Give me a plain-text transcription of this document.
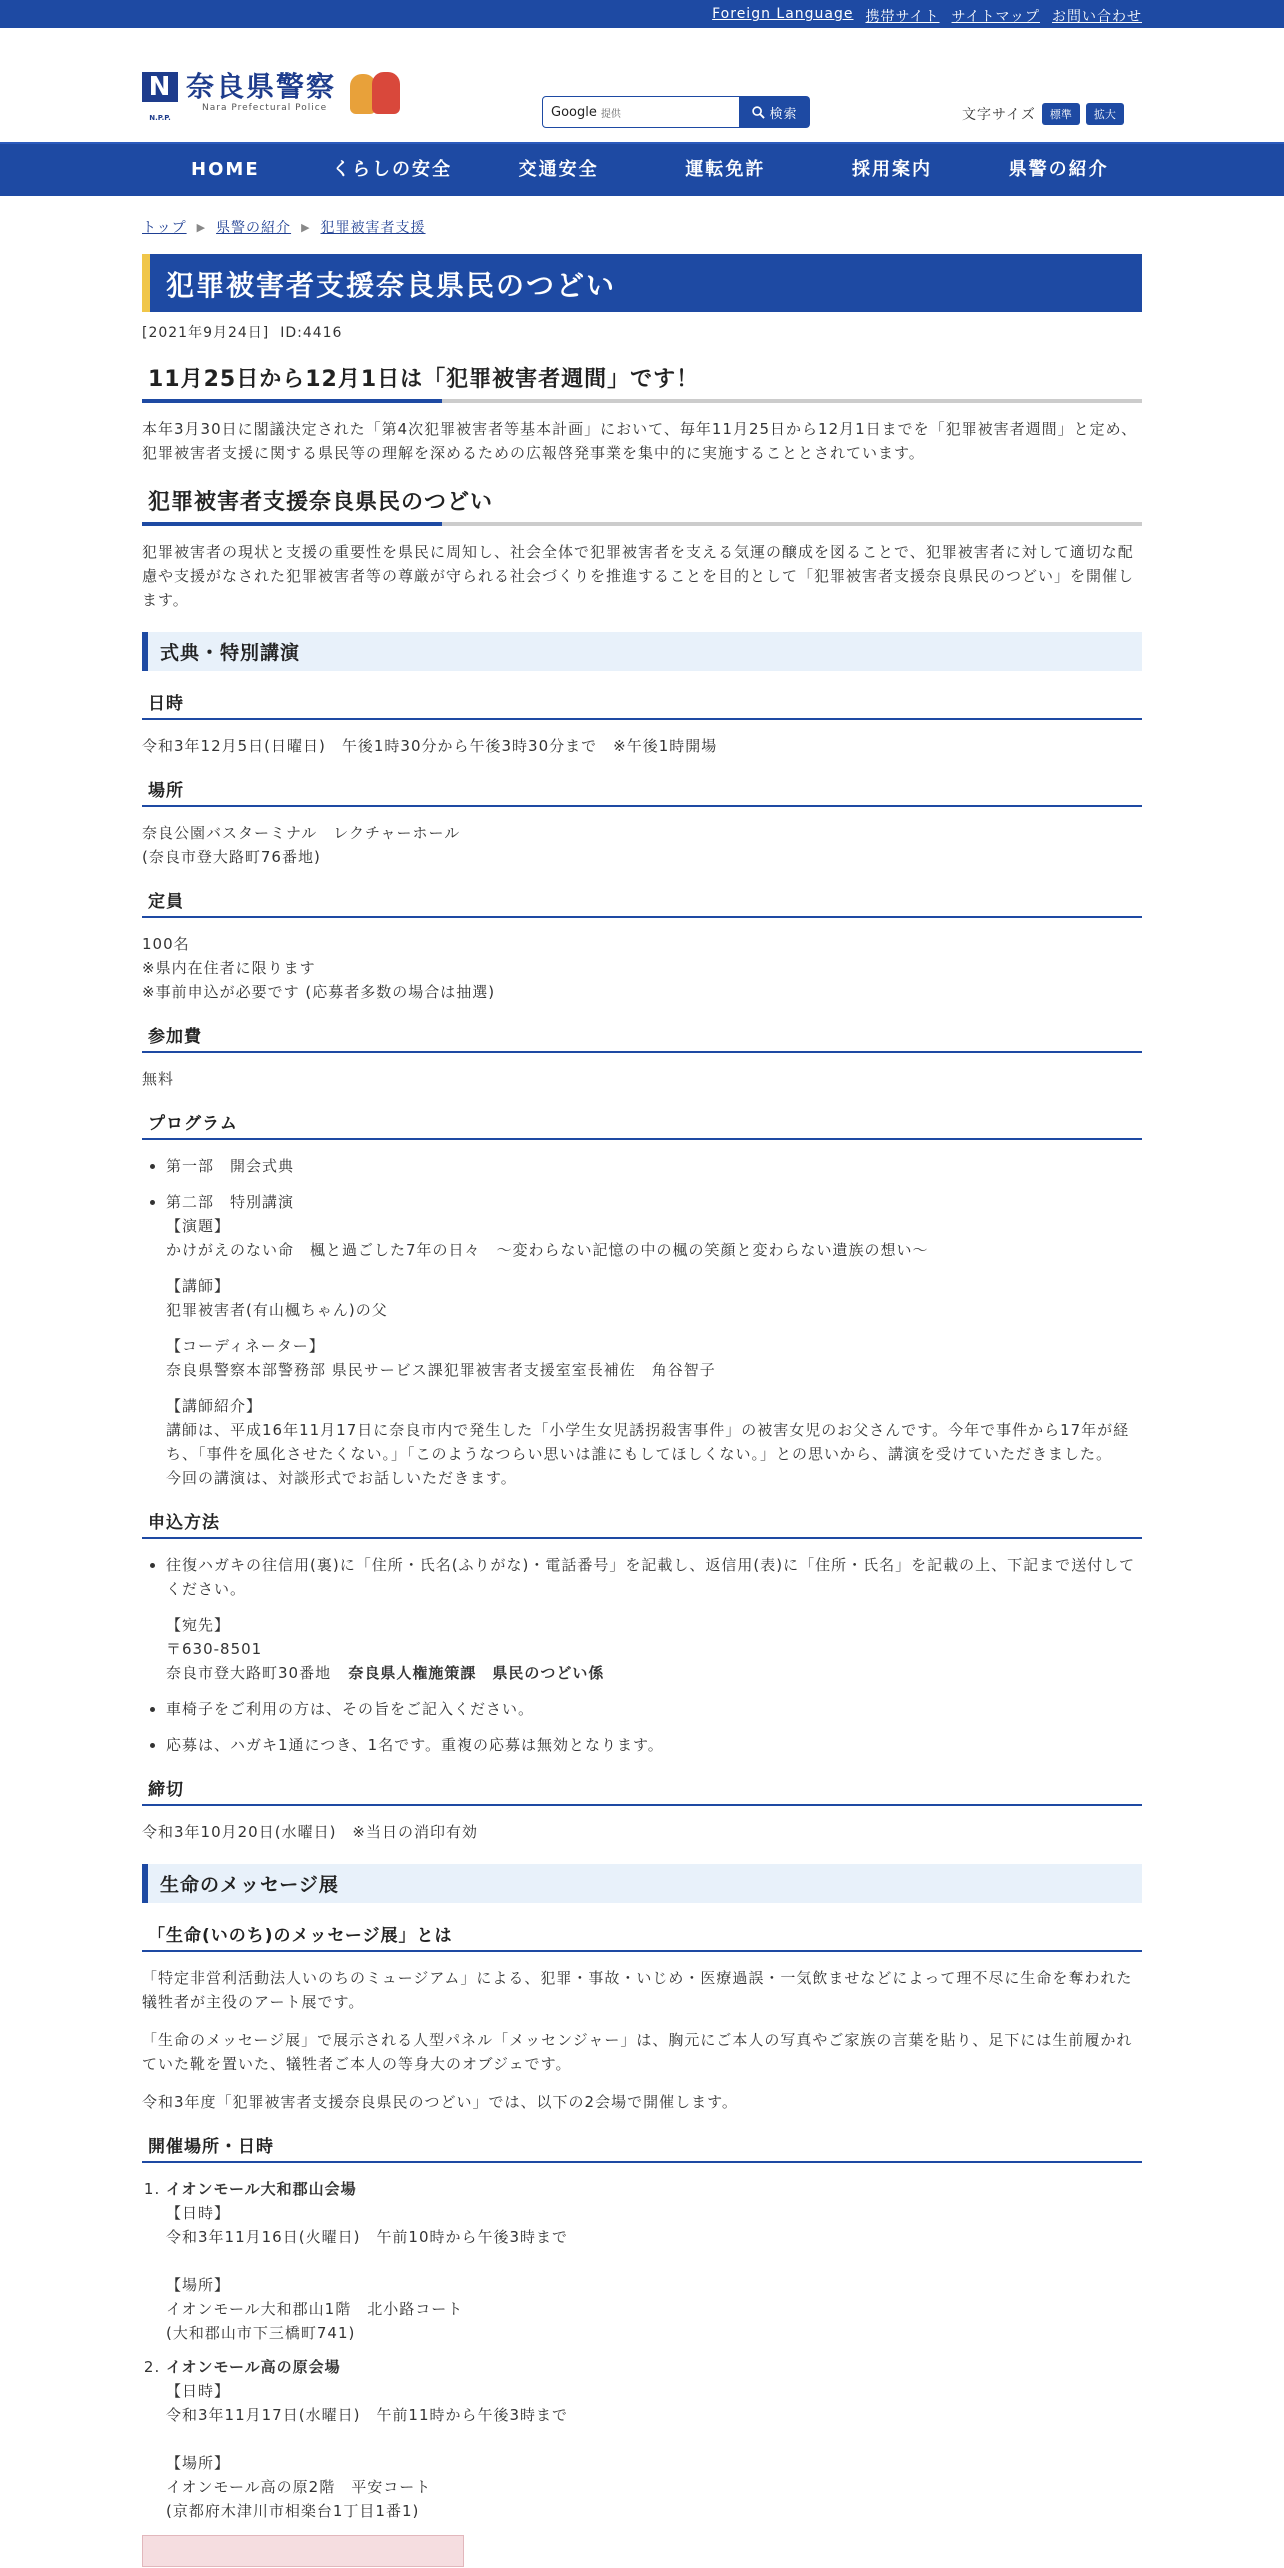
Foreign Language 携帯サイト サイトマップ お問い合わせ
N
N.P.P.
奈良県警察
Nara Prefectural Police	Google 提供	検索	文字サイズ	標準	拡大
HOME	くらしの安全	交通安全	運転免許	採用案内	県警の紹介
トップ ▶ 県警の紹介 ▶ 犯罪被害者支援
犯罪被害者支援奈良県民のつどい
[2021年9月24日] ID:4416
11月25日から12月1日は「犯罪被害者週間」です！

本年3月30日に閣議決定された「第4次犯罪被害者等基本計画」において、毎年11月25日から12月1日までを「犯罪被害者週間」と定め、犯罪被害者支援に関する県民等の理解を深めるための広報啓発事業を集中的に実施することとされています。

犯罪被害者支援奈良県民のつどい

犯罪被害者の現状と支援の重要性を県民に周知し、社会全体で犯罪被害者を支える気運の醸成を図ることで、犯罪被害者に対して適切な配慮や支援がなされた犯罪被害者等の尊厳が守られる社会づくりを推進することを目的として「犯罪被害者支援奈良県民のつどい」を開催します。

式典・特別講演
日時

令和3年12月5日(日曜日)　午後1時30分から午後3時30分まで　※午後1時開場

場所

奈良公園バスターミナル　レクチャーホール
(奈良市登大路町76番地)

定員

100名
※県内在住者に限ります
※事前申込が必要です (応募者多数の場合は抽選)

参加費

無料

プログラム
• 第一部　開会式典
• 第二部　特別講演
【演題】
かけがえのない命　楓と過ごした7年の日々　～変わらない記憶の中の楓の笑顔と変わらない遺族の想い～
【講師】
犯罪被害者(有山楓ちゃん)の父
【コーディネーター】
奈良県警察本部警務部 県民サービス課犯罪被害者支援室室長補佐　角谷智子
【講師紹介】
講師は、平成16年11月17日に奈良市内で発生した「小学生女児誘拐殺害事件」の被害女児のお父さんです。今年で事件から17年が経ち、「事件を風化させたくない。」「このようなつらい思いは誰にもしてほしくない。」との思いから、講演を受けていただきました。
今回の講演は、対談形式でお話しいただきます。
申込方法
• 往復ハガキの往信用(裏)に「住所・氏名(ふりがな)・電話番号」を記載し、返信用(表)に「住所・氏名」を記載の上、下記まで送付してください。
【宛先】
〒630-8501
奈良市登大路町30番地 奈良県人権施策課　県民のつどい係
• 車椅子をご利用の方は、その旨をご記入ください。
• 応募は、ハガキ1通につき、1名です。重複の応募は無効となります。
締切

令和3年10月20日(水曜日)　※当日の消印有効

生命のメッセージ展
「生命(いのち)のメッセージ展」とは

「特定非営利活動法人いのちのミュージアム」による、犯罪・事故・いじめ・医療過誤・一気飲ませなどによって理不尽に生命を奪われた犠牲者が主役のアート展です。

「生命のメッセージ展」で展示される人型パネル「メッセンジャー」は、胸元にご本人の写真やご家族の言葉を貼り、足下には生前履かれていた靴を置いた、犠牲者ご本人の等身大のオブジェです。

令和3年度「犯罪被害者支援奈良県民のつどい」では、以下の2会場で開催します。

開催場所・日時
1. イオンモール大和郡山会場
【日時】
令和3年11月16日(火曜日)　午前10時から午後3時まで

【場所】
イオンモール大和郡山1階　北小路コート
(大和郡山市下三橋町741)
2. イオンモール高の原会場
【日時】
令和3年11月17日(水曜日)　午前11時から午後3時まで

【場所】
イオンモール高の原2階　平安コート
(京都府木津川市相楽台1丁目1番1)
